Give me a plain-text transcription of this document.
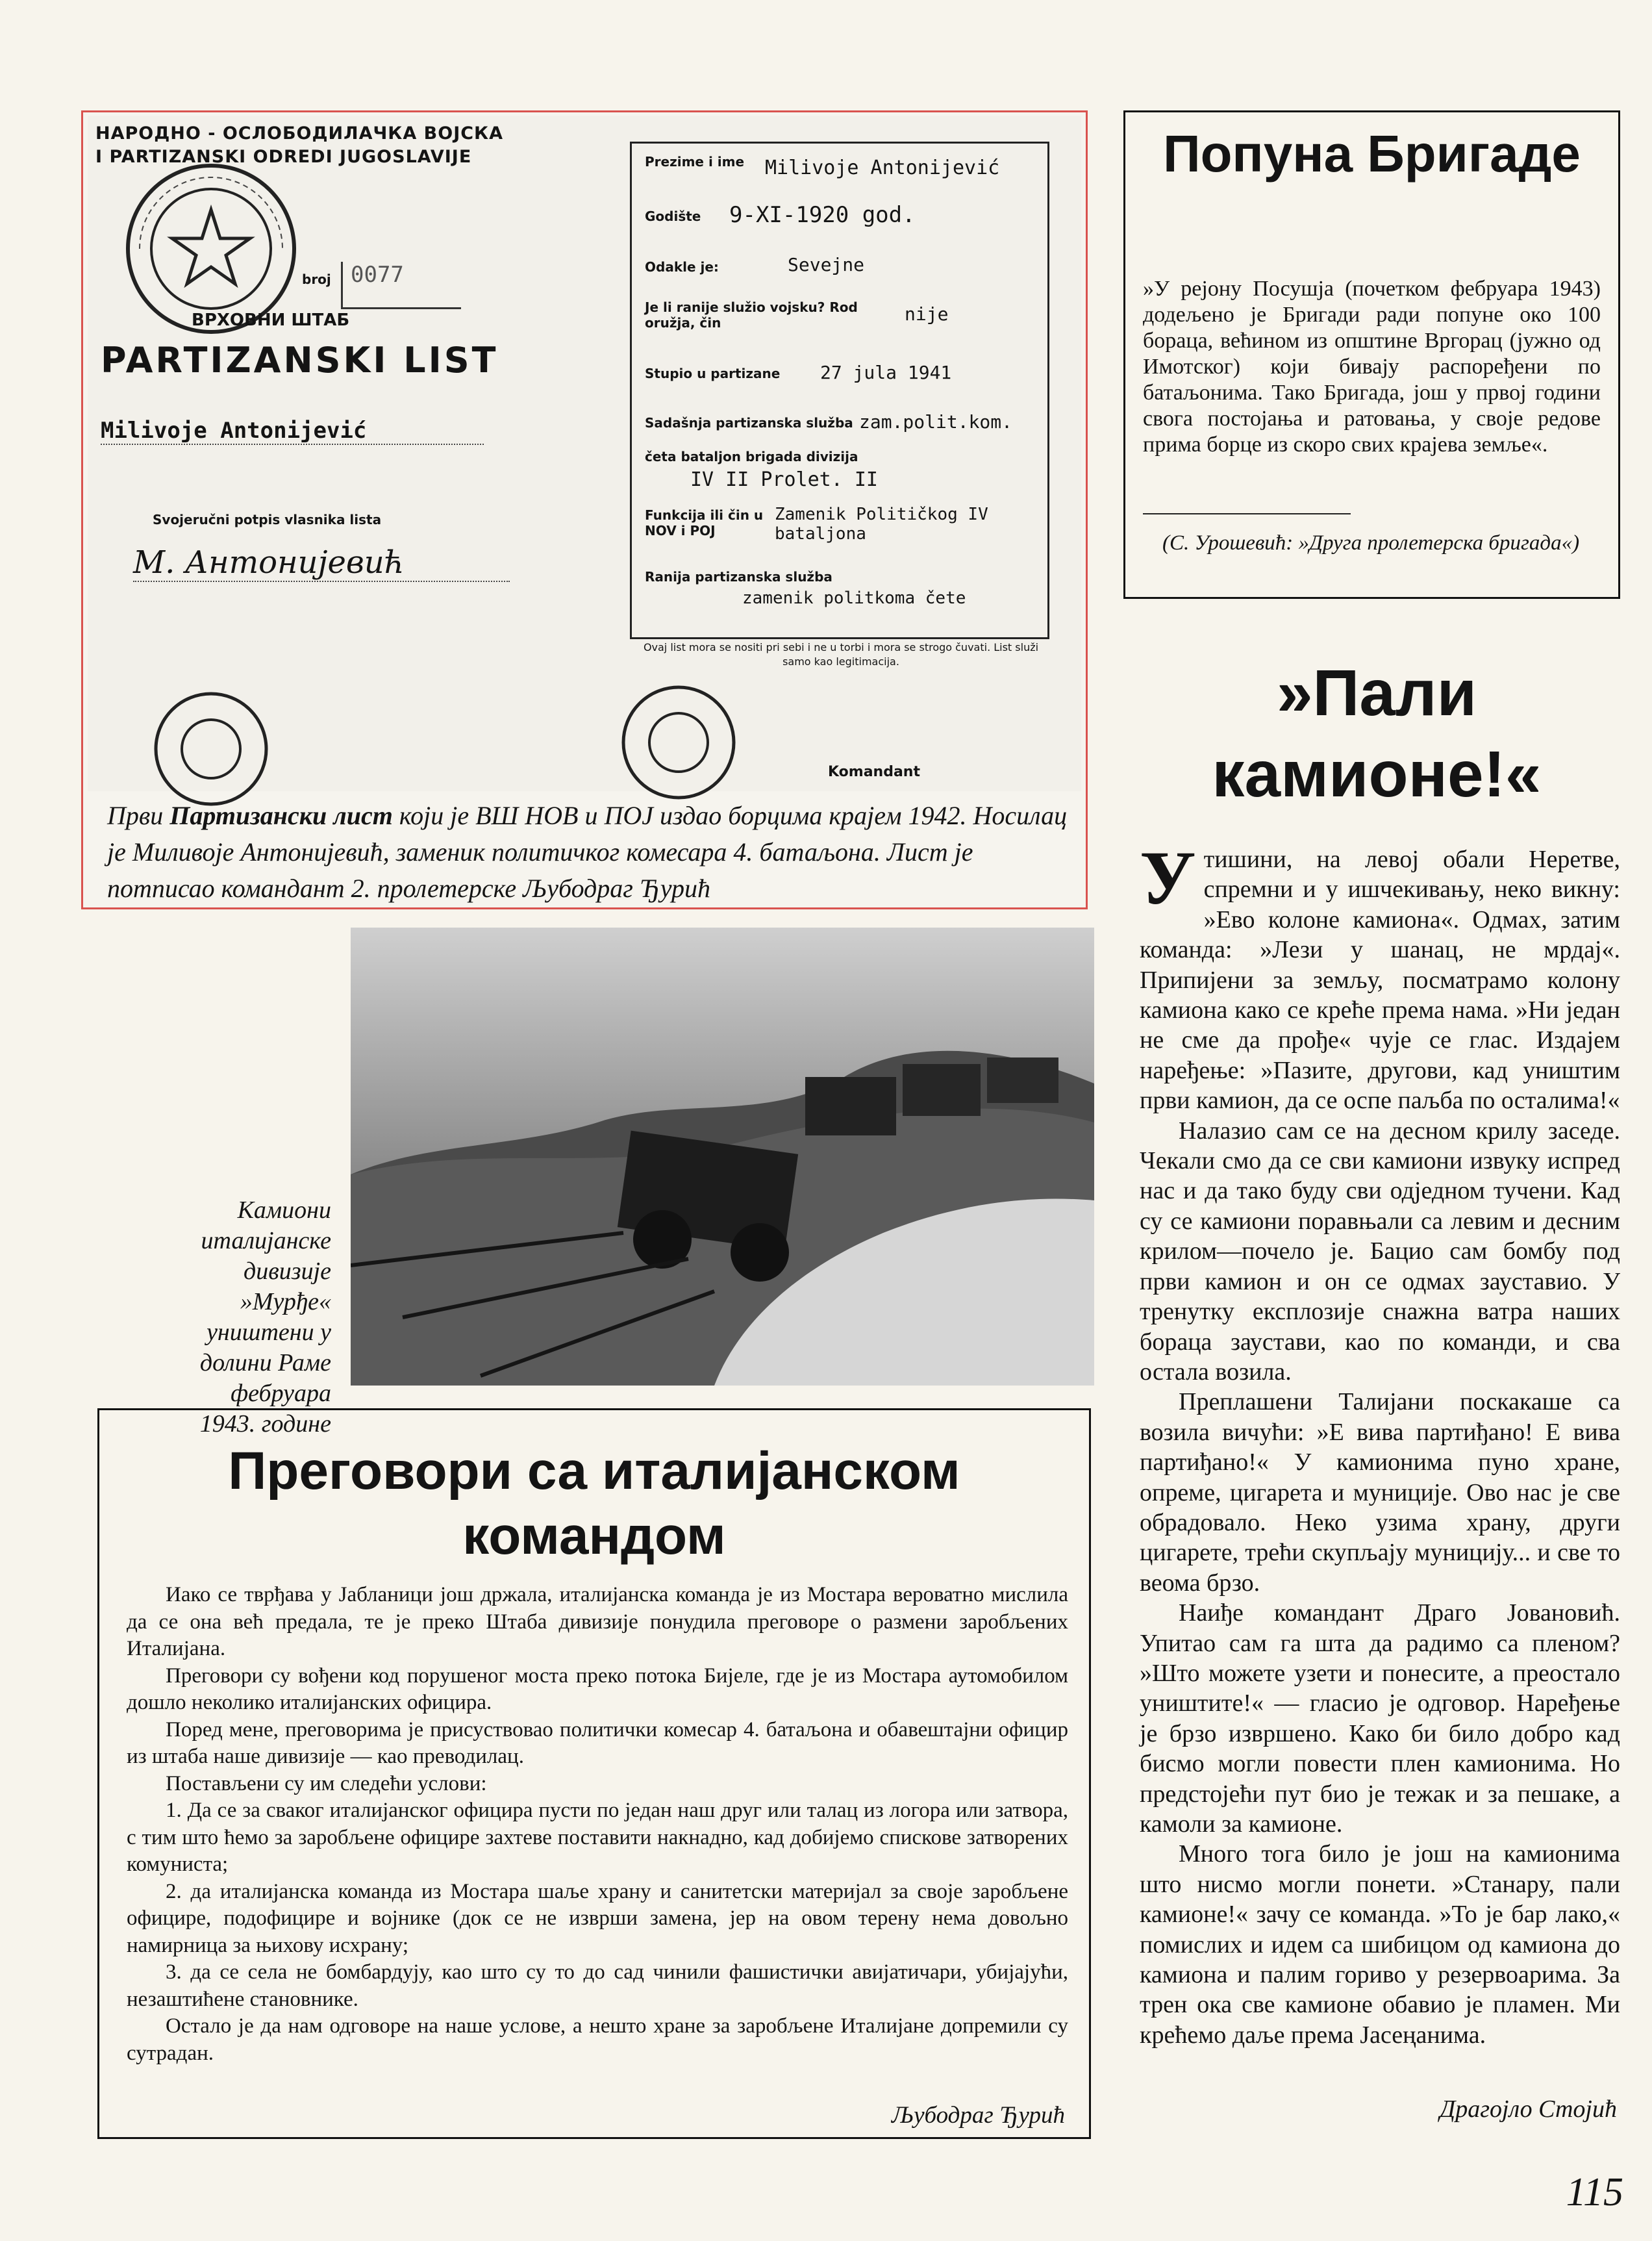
НАРОДНО - ОСЛОБОДИЛАЧКА ВОЈСКА
I PARTIZANSKI ODREDI JUGOSLAVIJE
ВРХОВНИ ШТАБ
broj 0077
PARTIZANSKI LIST
Milivoje Antonijević
Svojeručni potpis vlasnika lista
М. Антонијевић
Komandant
Prezime i ime	Milivoje Antonijević
Godište	9-XI-1920 god.
Odakle je:	Sevejne
Je li ranije služio vojsku? Rod oružja, čin	nije
Stupio u partizane	27 jula 1941
Sadašnja partizanska služba zam.polit.kom.
četa bataljon brigada divizija
IV II Prolet. II
Funkcija ili čin u NOV i POJ
Zamenik Političkog IV bataljona
Ranija partizanska služba
zamenik politkoma čete
Ovaj list mora se nositi pri sebi i ne u torbi i mora se strogo čuvati. List služi samo kao legitimacija.
Први Партизански лист који је ВШ НОВ и ПОЈ издао борцима крајем 1942. Носилац је Миливоје Антонијевић, заменик политичког комесара 4. батаљона. Лист је потписао командант 2. пролетерске Љубодраг Ђурић
Камиони италијанске дивизије »Мурђе« уништени у долини Раме фебруара 1943. године
Преговори са италијанском командом

Иако се тврђава у Јабланици још држала, италијанска команда је из Мостара вероватно мислила да се она већ предала, те је преко Штаба дивизије понудила преговоре о размени заробљених Италијана.

Преговори су вођени код порушеног моста преко потока Бијеле, где је из Мостара аутомобилом дошло неколико италијанских официра.

Поред мене, преговорима је присуствовао политички комесар 4. батаљона и обавештајни официр из штаба наше дивизије — као преводилац.

Постављени су им следећи услови:

1. Да се за сваког италијанског официра пусти по један наш друг или талац из логора или затвора, с тим што ћемо за заробљене официре захтеве поставити накнадно, кад добијемо спискове затворених комуниста;

2. да италијанска команда из Мостара шаље храну и санитетски материјал за своје заробљене официре, подофицире и војнике (док се не изврши замена, јер на овом терену нема довољно намирница за њихову исхрану;

3. да се села не бомбардују, као што су то до сад чинили фашистички авијатичари, убијајући, незаштићене становнике.

Остало је да нам одговоре на наше услове, а нешто хране за заробљене Италијане допремили су сутрадан.

Љубодраг Ђурић
Попуна Бригаде
»У рејону Посушја (почетком фебруара 1943) додељено је Бригади ради попуне око 100 бораца, већином из општине Вргорац (јужно од Имотског) који бивају распоређени по батаљонима. Тако Бригада, још у првој години свога постојања и ратовања, у своје редове прима борце из скоро свих крајева земље«.
(С. Урошевић: »Друга пролетерска бригада«)
»Пали камионе!«

Утишини, на левој обали Неретве, спремни и у ишчекивању, неко викну: »Ево колоне камиона«. Одмах, затим команда: »Лези у шанац, не мрдај«. Припијени за земљу, посматрамо колону камиона како се креће према нама. »Ни један не сме да прође« чује се глас. Издајем наређење: »Пазите, другови, кад уништим први камион, да се оспе паљба по осталима!«

Налазио сам се на десном крилу заседе. Чекали смо да се сви камиони извуку испред нас и да тако буду сви одједном тучени. Кад су се камиони поравњали са левим и десним крилом—почело је. Бацио сам бомбу под први камион и он се одмах зауставио. У тренутку експлозије снажна ватра наших бораца заустави, као по команди, и сва остала возила.

Преплашени Талијани поскакаше са возила вичући: »Е вива партиђано! Е вива партиђано!« У камионима пуно хране, опреме, цигарета и муниције. Ово нас је све обрадовало. Неко узима храну, други цигарете, трећи скупљају муницију... и све то веома брзо.

Наиђе командант Драго Јовановић. Упитао сам га шта да радимо са пленом? »Што можете узети и понесите, а преостало уништите!« — гласио је одговор. Наређење је брзо извршено. Како би било добро кад бисмо могли повести плен камионима. Но предстојећи пут био је тежак и за пешаке, а камоли за камионе.

Много тога било је још на камионима што нисмо могли понети. »Станару, пали камионе!« зачу се команда. »То је бар лако,« помислих и идем са шибицом од камиона до камиона и палим гориво у резервоарима. За трен ока све камионе обавио је пламен. Ми крећемо даље према Јасеңанима.

Драгојло Стојић
115
